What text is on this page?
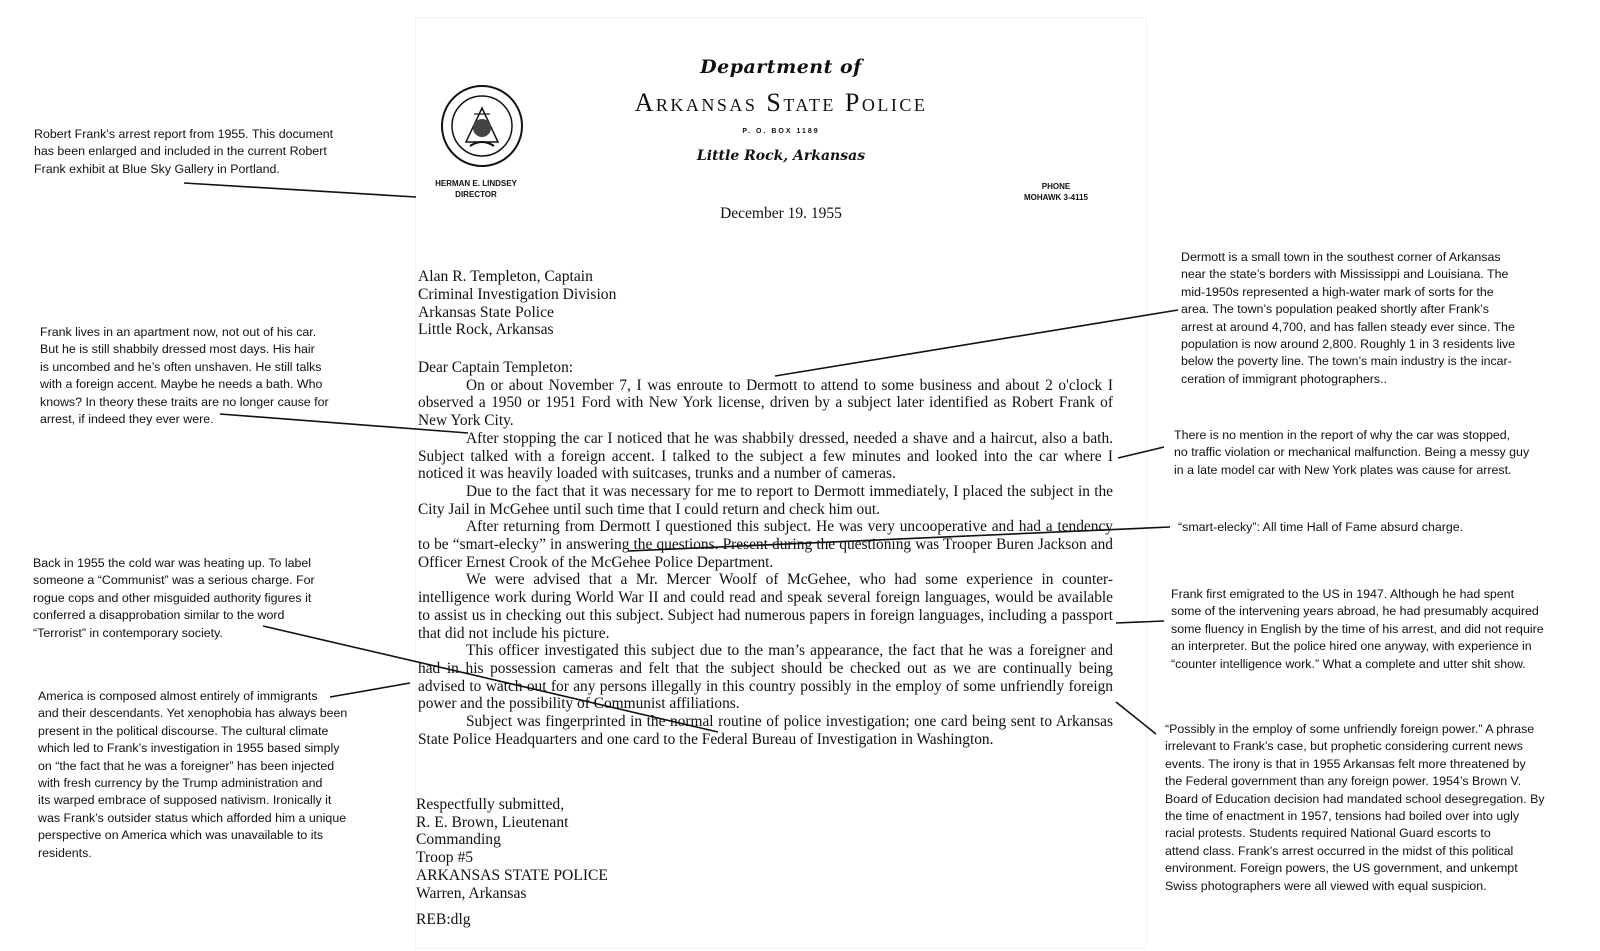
Department of
Arkansas State Police
P. O. BOX 1189
Little Rock, Arkansas
HERMAN E. LINDSEY
DIRECTOR
PHONE
MOHAWK 3-4115
December 19. 1955
Alan R. Templeton, Captain
Criminal Investigation Division
Arkansas State Police
Little Rock, Arkansas

Dear Captain Templeton:

On or about November 7, I was enroute to Dermott to attend to some business and about 2 o'clock I observed a 1950 or 1951 Ford with New York license, driven by a subject later identified as Robert Frank of New York City.

After stopping the car I noticed that he was shabbily dressed, needed a shave and a haircut, also a bath. Subject talked with a foreign accent. I talked to the subject a few minutes and looked into the car where I noticed it was heavily loaded with suitcases, trunks and a number of cameras.

Due to the fact that it was necessary for me to report to Dermott immediately, I placed the subject in the City Jail in McGehee until such time that I could return and check him out.

After returning from Dermott I questioned this subject. He was very uncooperative and had a tendency to be “smart-elecky” in answering the questions. Present during the questioning was Trooper Buren Jackson and Officer Ernest Crook of the McGehee Police Department.

We were advised that a Mr. Mercer Woolf of McGehee, who had some experience in counter-intelligence work during World War II and could read and speak several foreign languages, would be available to assist us in checking out this subject. Subject had numerous papers in foreign languages, including a passport that did not include his picture.

This officer investigated this subject due to the man’s appearance, the fact that he was a foreigner and had in his possession cameras and felt that the subject should be checked out as we are continually being advised to watch out for any persons illegally in this country possibly in the employ of some unfriendly foreign power and the possibility of Communist affiliations.

Subject was fingerprinted in the normal routine of police investigation; one card being sent to Arkansas State Police Headquarters and one card to the Federal Bureau of Investigation in Washington.

Respectfully submitted,
R. E. Brown, Lieutenant
Commanding
Troop #5
ARKANSAS STATE POLICE
Warren, Arkansas
REB:dlg
Robert Frank’s arrest report from 1955. This document
has been enlarged and included in the current Robert
Frank exhibit at Blue Sky Gallery in Portland.
Frank lives in an apartment now, not out of his car.
But he is still shabbily dressed most days. His hair
is uncombed and he’s often unshaven. He still talks
with a foreign accent. Maybe he needs a bath. Who
knows? In theory these traits are no longer cause for
arrest, if indeed they ever were.
Back in 1955 the cold war was heating up. To label
someone a “Communist” was a serious charge. For
rogue cops and other misguided authority figures it
conferred a disapprobation similar to the word
“Terrorist” in contemporary society.
America is composed almost entirely of immigrants
and their descendants. Yet xenophobia has always been
present in the political discourse. The cultural climate
which led to Frank’s investigation in 1955 based simply
on “the fact that he was a foreigner” has been injected
with fresh currency by the Trump administration and
its warped embrace of supposed nativism. Ironically it
was Frank’s outsider status which afforded him a unique
perspective on America which was unavailable to its
residents.
Dermott is a small town in the southest corner of Arkansas
near the state’s borders with Mississippi and Louisiana. The
mid-1950s represented a high-water mark of sorts for the
area. The town’s population peaked shortly after Frank’s
arrest at around 4,700, and has fallen steady ever since. The
population is now around 2,800. Roughly 1 in 3 residents live
below the poverty line. The town’s main industry is the incar-
ceration of immigrant photographers..
There is no mention in the report of why the car was stopped,
no traffic violation or mechanical malfunction. Being a messy guy
in a late model car with New York plates was cause for arrest.
“smart-elecky”: All time Hall of Fame absurd charge.
Frank first emigrated to the US in 1947. Although he had spent
some of the intervening years abroad, he had presumably acquired
some fluency in English by the time of his arrest, and did not require
an interpreter. But the police hired one anyway, with experience in
“counter intelligence work.” What a complete and utter shit show.
“Possibly in the employ of some unfriendly foreign power.” A phrase
irrelevant to Frank’s case, but prophetic considering current news
events. The irony is that in 1955 Arkansas felt more threatened by
the Federal government than any foreign power. 1954’s Brown V.
Board of Education decision had mandated school desegregation. By
the time of enactment in 1957, tensions had boiled over into ugly
racial protests. Students required National Guard escorts to
attend class. Frank’s arrest occurred in the midst of this political
environment. Foreign powers, the US government, and unkempt
Swiss photographers were all viewed with equal suspicion.
